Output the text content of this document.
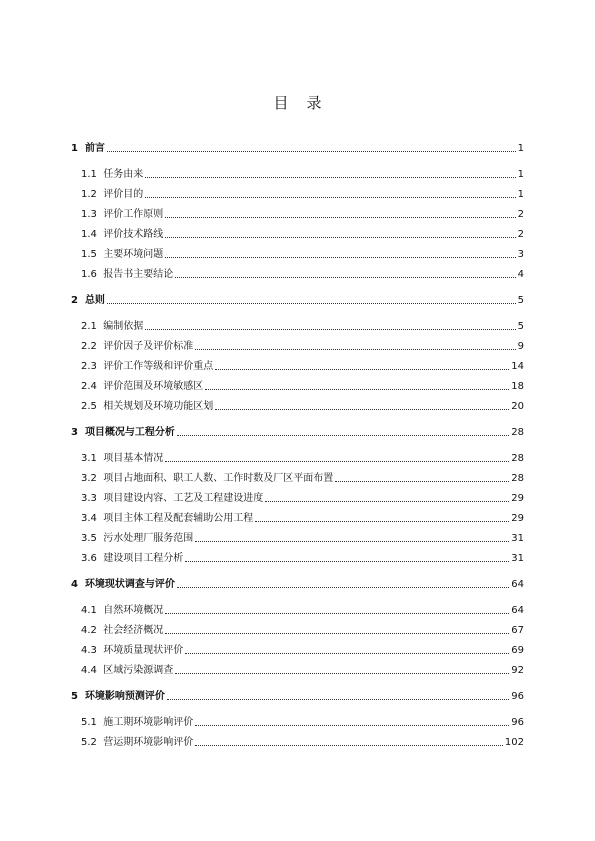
目录
1 前言	1
1.1 任务由来	1
1.2 评价目的	1
1.3 评价工作原则	2
1.4 评价技术路线	2
1.5 主要环境问题	3
1.6 报告书主要结论	4
2 总则	5
2.1 编制依据	5
2.2 评价因子及评价标准	9
2.3 评价工作等级和评价重点	14
2.4 评价范围及环境敏感区	18
2.5 相关规划及环境功能区划	20
3 项目概况与工程分析	28
3.1 项目基本情况	28
3.2 项目占地面积、职工人数、工作时数及厂区平面布置	28
3.3 项目建设内容、工艺及工程建设进度	29
3.4 项目主体工程及配套辅助公用工程	29
3.5 污水处理厂服务范围	31
3.6 建设项目工程分析	31
4 环境现状调查与评价	64
4.1 自然环境概况	64
4.2 社会经济概况	67
4.3 环境质量现状评价	69
4.4 区域污染源调查	92
5 环境影响预测评价	96
5.1 施工期环境影响评价	96
5.2 营运期环境影响评价	102
